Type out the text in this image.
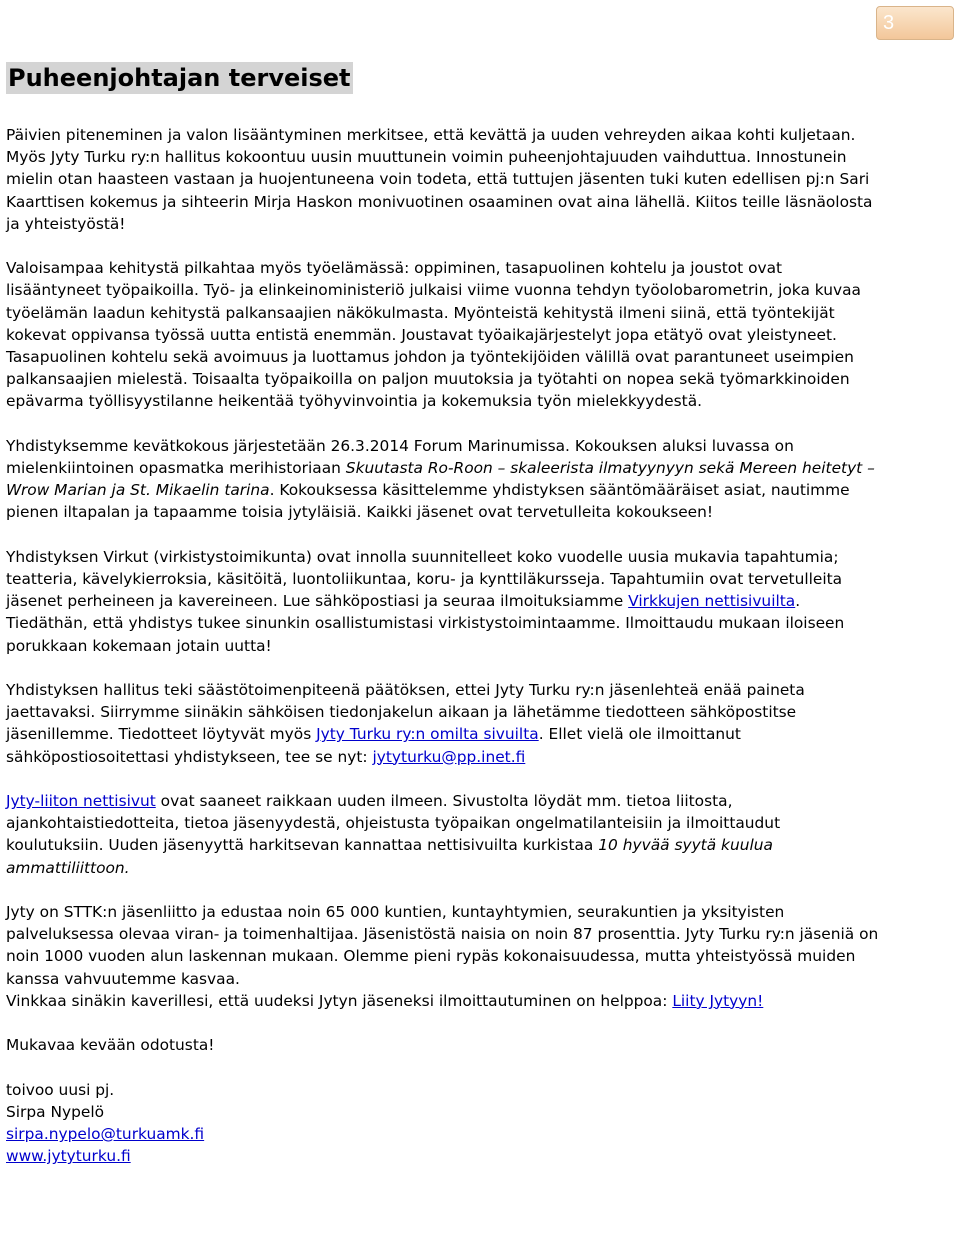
3
Puheenjohtajan terveiset

Päivien piteneminen ja valon lisääntyminen merkitsee, että kevättä ja uuden vehreyden aikaa kohti kuljetaan. Myös Jyty Turku ry:n hallitus kokoontuu uusin muuttunein voimin puheenjohtajuuden vaihduttua. Innostunein mielin otan haasteen vastaan ja huojentuneena voin todeta, että tuttujen jäsenten tuki kuten edellisen pj:n Sari Kaarttisen kokemus ja sihteerin Mirja Haskon monivuotinen osaaminen ovat aina lähellä. Kiitos teille läsnäolosta ja yhteistyöstä!

Valoisampaa kehitystä pilkahtaa myös työelämässä: oppiminen, tasapuolinen kohtelu ja joustot ovat lisääntyneet työpaikoilla. Työ- ja elinkeinoministeriö julkaisi viime vuonna tehdyn työolobarometrin, joka kuvaa työelämän laadun kehitystä palkansaajien näkökulmasta. Myönteistä kehitystä ilmeni siinä, että työntekijät kokevat oppivansa työssä uutta entistä enemmän. Joustavat työaikajärjestelyt jopa etätyö ovat yleistyneet. Tasapuolinen kohtelu sekä avoimuus ja luottamus johdon ja työntekijöiden välillä ovat parantuneet useimpien palkansaajien mielestä. Toisaalta työpaikoilla on paljon muutoksia ja työtahti on nopea sekä työmarkkinoiden epävarma työllisyystilanne heikentää työhyvinvointia ja kokemuksia työn mielekkyydestä.

Yhdistyksemme kevätkokous järjestetään 26.3.2014 Forum Marinumissa. Kokouksen aluksi luvassa on mielenkiintoinen opasmatka merihistoriaan Skuutasta Ro-Roon – skaleerista ilmatyynyyn sekä Mereen heitetyt – Wrow Marian ja St. Mikaelin tarina. Kokouksessa käsittelemme yhdistyksen sääntömääräiset asiat, nautimme pienen iltapalan ja tapaamme toisia jytyläisiä. Kaikki jäsenet ovat tervetulleita kokoukseen!

Yhdistyksen Virkut (virkistystoimikunta) ovat innolla suunnitelleet koko vuodelle uusia mukavia tapahtumia; teatteria, kävelykierroksia, käsitöitä, luontoliikuntaa, koru- ja kynttiläkursseja. Tapahtumiin ovat tervetulleita jäsenet perheineen ja kavereineen. Lue sähköpostiasi ja seuraa ilmoituksiamme Virkkujen nettisivuilta. Tiedäthän, että yhdistys tukee sinunkin osallistumistasi virkistystoimintaamme. Ilmoittaudu mukaan iloiseen porukkaan kokemaan jotain uutta!

Yhdistyksen hallitus teki säästötoimenpiteenä päätöksen, ettei Jyty Turku ry:n jäsenlehteä enää paineta jaettavaksi. Siirrymme siinäkin sähköisen tiedonjakelun aikaan ja lähetämme tiedotteen sähköpostitse jäsenillemme. Tiedotteet löytyvät myös Jyty Turku ry:n omilta sivuilta. Ellet vielä ole ilmoittanut sähköpostiosoitettasi yhdistykseen, tee se nyt: jytyturku@pp.inet.fi

Jyty-liiton nettisivut ovat saaneet raikkaan uuden ilmeen. Sivustolta löydät mm. tietoa liitosta, ajankohtaistiedotteita, tietoa jäsenyydestä, ohjeistusta työpaikan ongelmatilanteisiin ja ilmoittaudut koulutuksiin. Uuden jäsenyyttä harkitsevan kannattaa nettisivuilta kurkistaa 10 hyvää syytä kuulua ammattiliittoon.

Jyty on STTK:n jäsenliitto ja edustaa noin 65 000 kuntien, kuntayhtymien, seurakuntien ja yksityisten palveluksessa olevaa viran- ja toimenhaltijaa. Jäsenistöstä naisia on noin 87 prosenttia. Jyty Turku ry:n jäseniä on noin 1000 vuoden alun laskennan mukaan. Olemme pieni rypäs kokonaisuudessa, mutta yhteistyössä muiden kanssa vahvuutemme kasvaa.
Vinkkaa sinäkin kaverillesi, että uudeksi Jytyn jäseneksi ilmoittautuminen on helppoa: Liity Jytyyn!

Mukavaa kevään odotusta!

toivoo uusi pj.
Sirpa Nypelö
sirpa.nypelo@turkuamk.fi
www.jytyturku.fi
